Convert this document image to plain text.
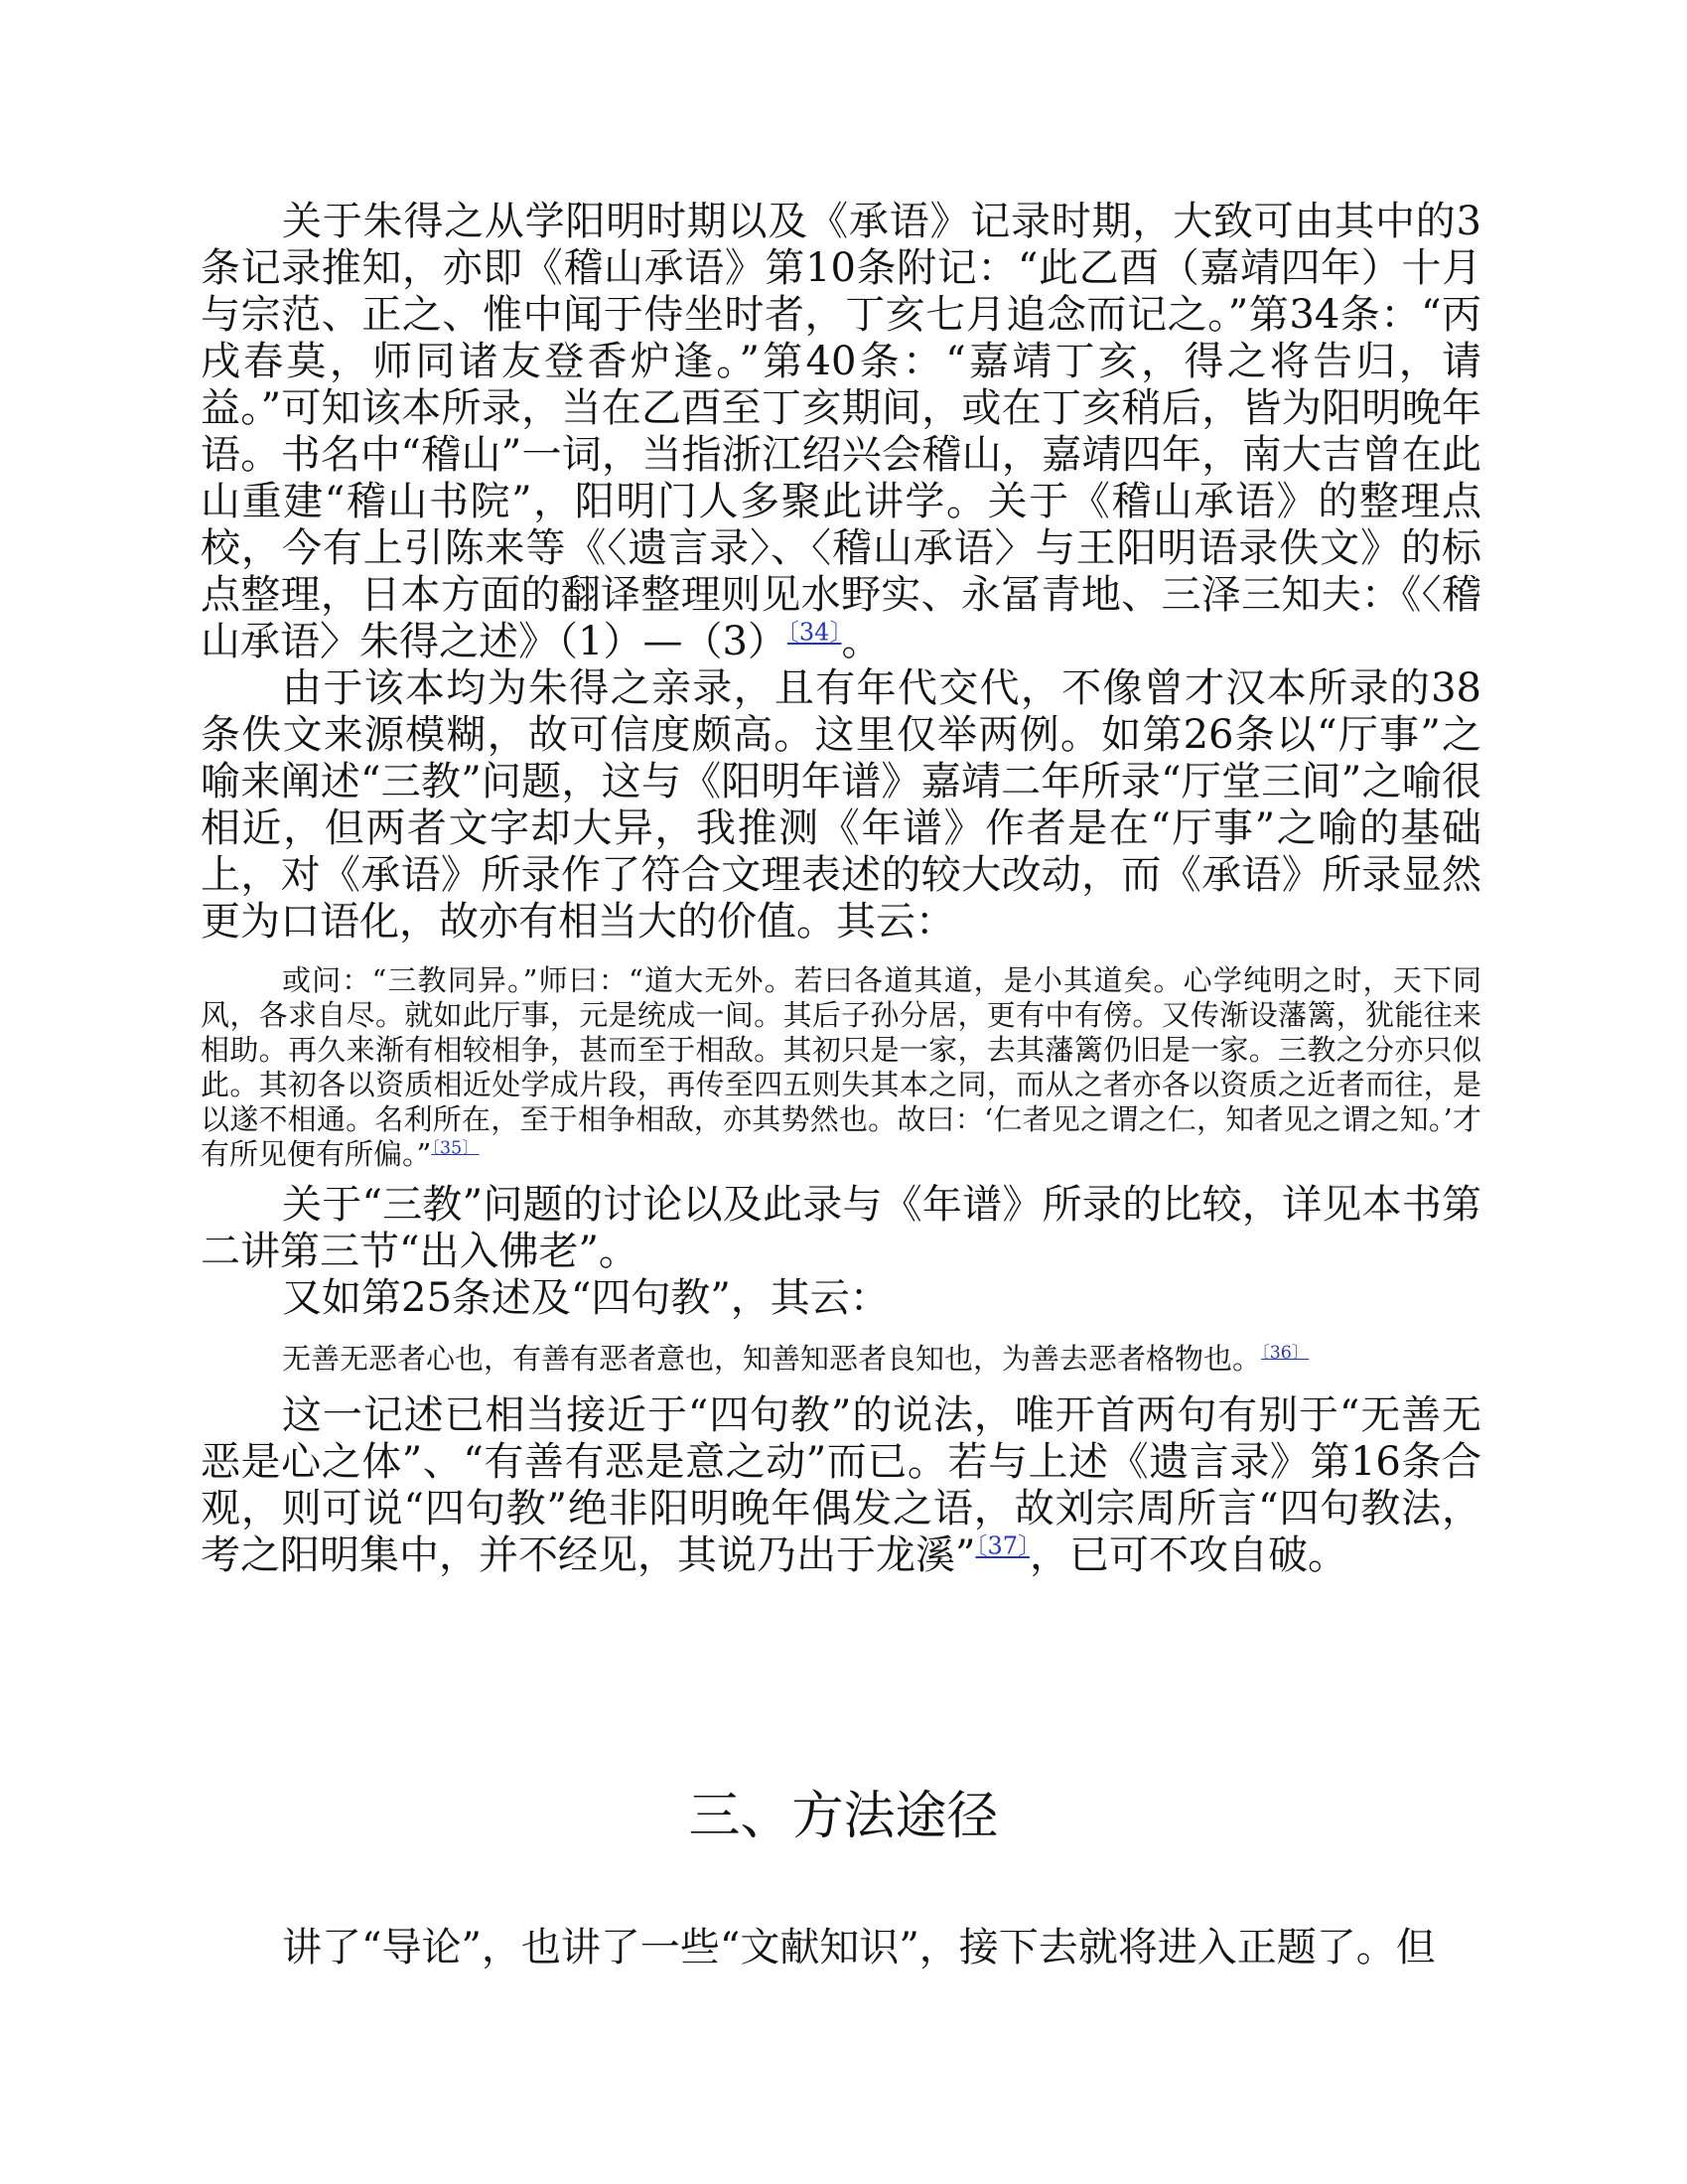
关于朱得之从学阳明时期以及《承语》记录时期，大致可由其中的3条记录推知，亦即《稽山承语》第10条附记：“此乙酉（嘉靖四年）十月与宗范、正之、惟中闻于侍坐时者，丁亥七月追念而记之。”第34条：“丙戌春莫，师同诸友登香炉逢。”第40条：“嘉靖丁亥，得之将告归，请益。”可知该本所录，当在乙酉至丁亥期间，或在丁亥稍后，皆为阳明晚年语。书名中“稽山”一词，当指浙江绍兴会稽山，嘉靖四年，南大吉曾在此山重建“稽山书院”，阳明门人多聚此讲学。关于《稽山承语》的整理点校，今有上引陈来等《〈遗言录〉、〈稽山承语〉与王阳明语录佚文》的标点整理，日本方面的翻译整理则见水野实、永冨青地、三泽三知夫：《〈稽山承语〉朱得之述》（1）—（3）$^{〔34〕}$。

由于该本均为朱得之亲录，且有年代交代，不像曾才汉本所录的38条佚文来源模糊，故可信度颇高。这里仅举两例。如第26条以“厅事”之喻来阐述“三教”问题，这与《阳明年谱》嘉靖二年所录“厅堂三间”之喻很相近，但两者文字却大异，我推测《年谱》作者是在“厅事”之喻的基础上，对《承语》所录作了符合文理表述的较大改动，而《承语》所录显然更为口语化，故亦有相当大的价值。其云：

或问：“三教同异。”师曰：“道大无外。若曰各道其道，是小其道矣。心学纯明之时，天下同风，各求自尽。就如此厅事，元是统成一间。其后子孙分居，更有中有傍。又传渐设藩篱，犹能往来相助。再久来渐有相较相争，甚而至于相敌。其初只是一家，去其藩篱仍旧是一家。三教之分亦只似此。其初各以资质相近处学成片段，再传至四五则失其本之同，而从之者亦各以资质之近者而往，是以遂不相通。名利所在，至于相争相敌，亦其势然也。故曰：‘仁者见之谓之仁，知者见之谓之知。’才有所见便有所偏。”$^{〔35〕}$

关于“三教”问题的讨论以及此录与《年谱》所录的比较，详见本书第二讲第三节“出入佛老”。

又如第25条述及“四句教”，其云：

无善无恶者心也，有善有恶者意也，知善知恶者良知也，为善去恶者格物也。$^{〔36〕}$

这一记述已相当接近于“四句教”的说法，唯开首两句有别于“无善无恶是心之体”、“有善有恶是意之动”而已。若与上述《遗言录》第16条合观，则可说“四句教”绝非阳明晚年偶发之语，故刘宗周所言“四句教法，考之阳明集中，并不经见，其说乃出于龙溪”$^{〔37〕}$，已可不攻自破。

三、方法途径

讲了“导论”，也讲了一些“文献知识”，接下去就将进入正题了。但
